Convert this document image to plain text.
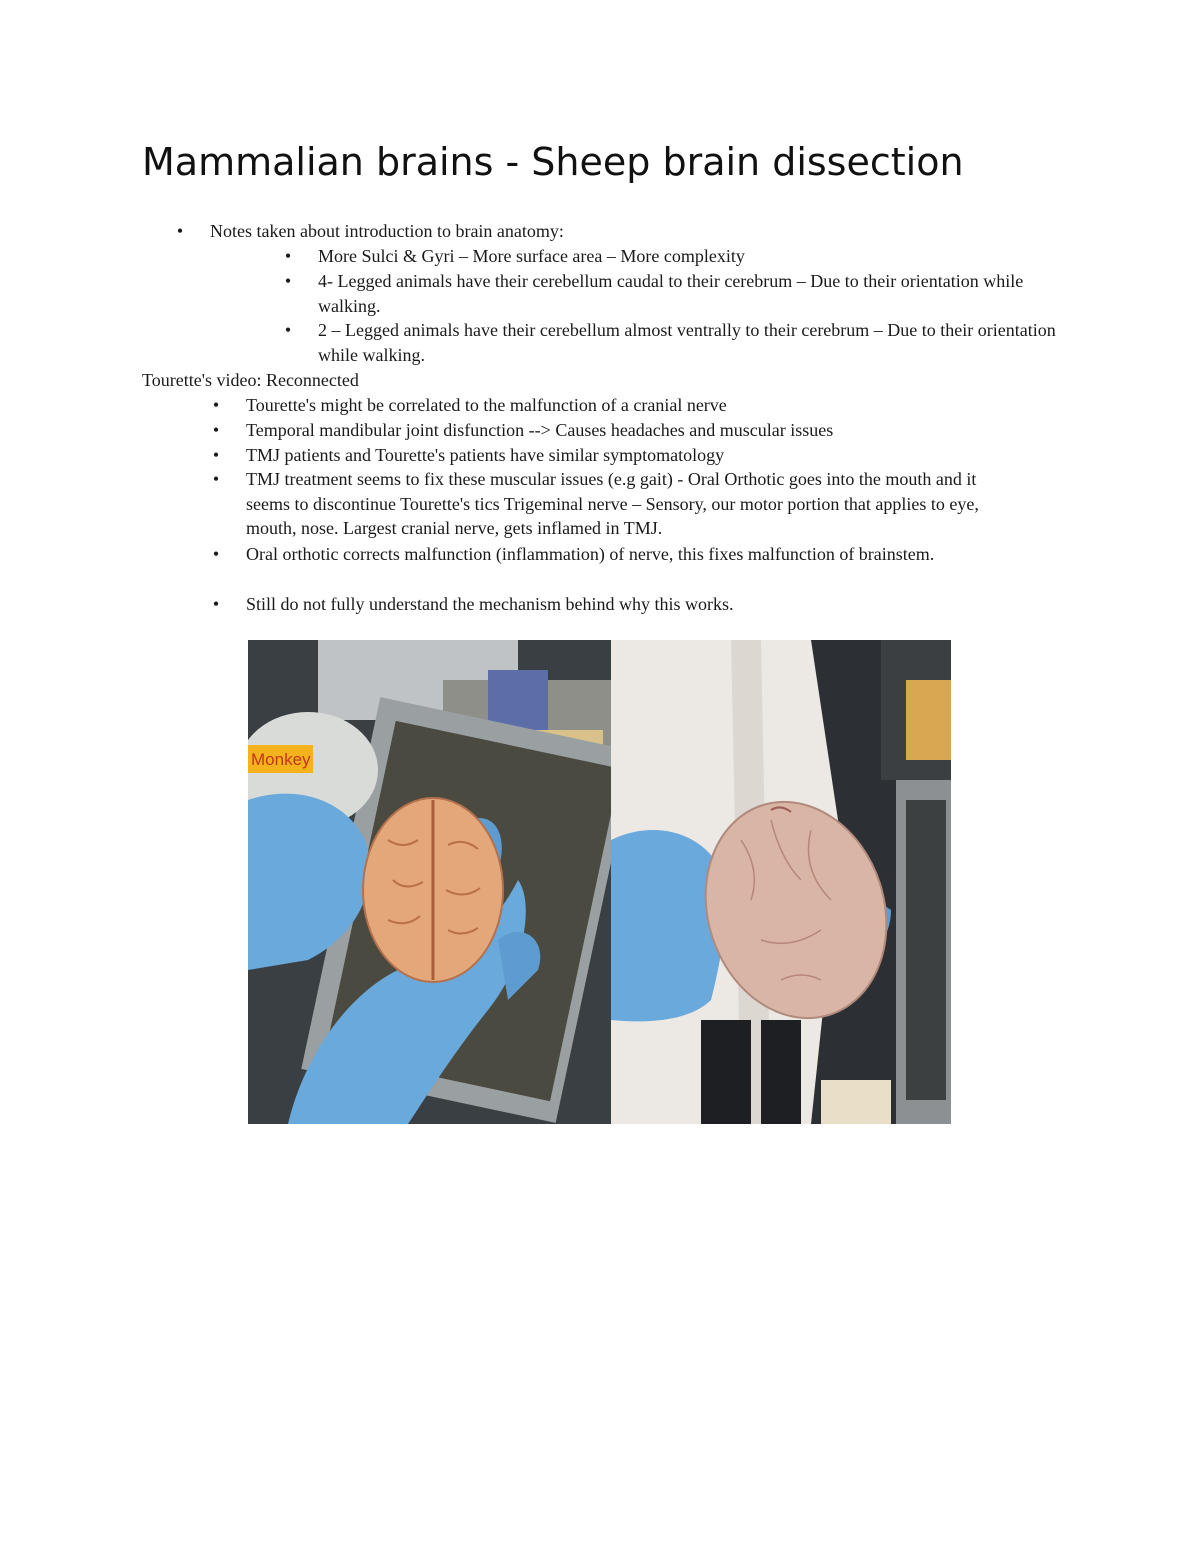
Mammalian brains - Sheep brain dissection
• Notes taken about introduction to brain anatomy:
• More Sulci & Gyri – More surface area – More complexity
• 4- Legged animals have their cerebellum caudal to their cerebrum – Due to their orientation while walking.
• 2 – Legged animals have their cerebellum almost ventrally to their cerebrum – Due to their orientation while walking.
Tourette's video: Reconnected
• Tourette's might be correlated to the malfunction of a cranial nerve
• Temporal mandibular joint disfunction --> Causes headaches and muscular issues
• TMJ patients and Tourette's patients have similar symptomatology
• TMJ treatment seems to fix these muscular issues (e.g gait) - Oral Orthotic goes into the mouth and it seems to discontinue Tourette's tics Trigeminal nerve – Sensory, our motor portion that applies to eye, mouth, nose. Largest cranial nerve, gets inflamed in TMJ.
• Oral orthotic corrects malfunction (inflammation) of nerve, this fixes malfunction of brainstem.
• Still do not fully understand the mechanism behind why this works.
Monkey
